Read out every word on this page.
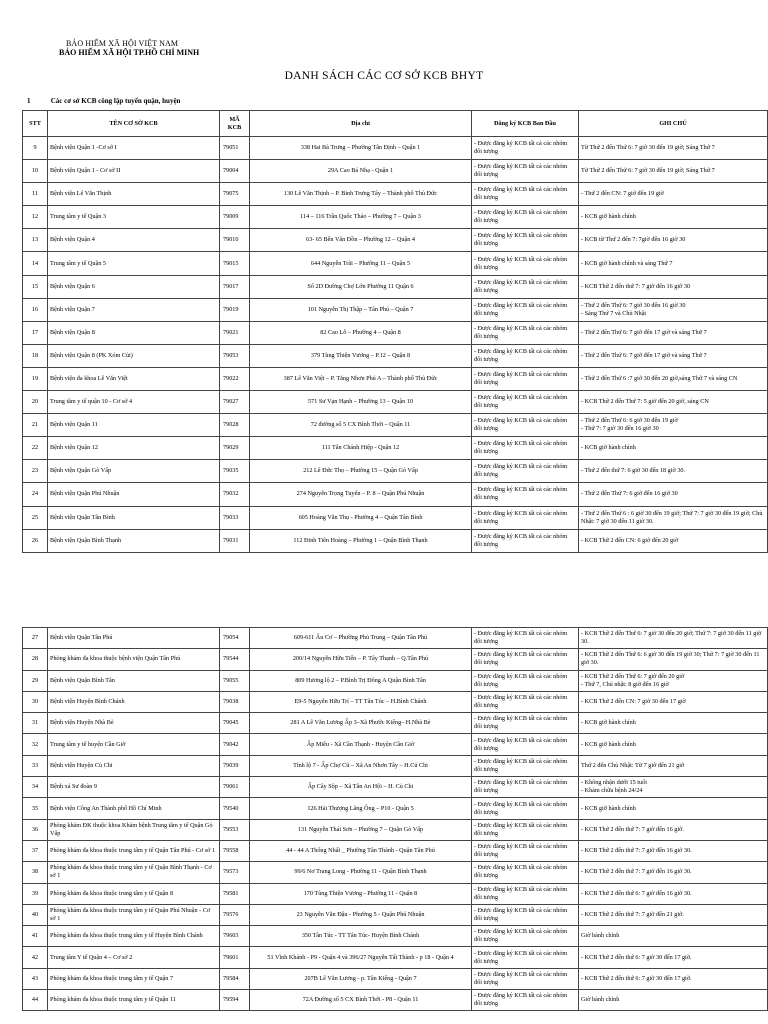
BẢO HIỂM XÃ HỘI VIỆT NAM
BẢO HIỂM XÃ HỘI TP.HỒ CHÍ MINH
DANH SÁCH CÁC CƠ SỞ KCB BHYT
1	Các cơ sở KCB công lập tuyến quận, huyện
STT	TÊN CƠ SỞ KCB	MÃ KCB	Địa chỉ	Đăng ký KCB Ban Đầu	GHI CHÚ
9	Bệnh viện Quận 1 -Cơ sở I	79051	338 Hai Bà Trưng – Phường Tân Định – Quận 1	- Được đăng ký KCB tất cả các nhóm đối tượng	Từ Thứ 2 đến Thứ 6: 7 giờ 30 đến 19 giờ; Sáng Thứ 7
10	Bệnh viện Quận 1 - Cơ sở II	79004	29A Cao Bá Nhạ - Quận 1	- Được đăng ký KCB tất cả các nhóm đối tượng	Từ Thứ 2 đến Thứ 6: 7 giờ 30 đến 19 giờ; Sáng Thứ 7
11	Bệnh viện Lê Văn Thịnh	79075	130 Lê Văn Thịnh – P. Bình Trưng Tây – Thành phố Thủ Đức	- Được đăng ký KCB tất cả các nhóm đối tượng	- Thứ 2 đến CN: 7 giờ đến 19 giờ
12	Trung tâm y tế Quận 3	79009	114 – 116 Trần Quốc Thảo – Phường 7 – Quận 3	- Được đăng ký KCB tất cả các nhóm đối tượng	- KCB giờ hành chính
13	Bệnh viện Quận 4	79010	63- 65 Bến Vân Đồn – Phường 12 – Quận 4	- Được đăng ký KCB tất cả các nhóm đối tượng	- KCB từ Thứ 2 đến 7: 7giờ đến 16 giờ 30
14	Trung tâm y tế Quận 5	79015	644 Nguyễn Trãi – Phường 11 – Quận 5	- Được đăng ký KCB tất cả các nhóm đối tượng	- KCB giờ hành chính và sáng Thứ 7
15	Bệnh viện Quận 6	79017	Số 2D Đường Chợ Lớn Phường 11 Quận 6	- Được đăng ký KCB tất cả các nhóm đối tượng	- KCB Thứ 2 đến thứ 7: 7 giờ đến 16 giờ 30
16	Bệnh viện Quận 7	79019	101 Nguyễn Thị Thập – Tân Phú – Quận 7	- Được đăng ký KCB tất cả các nhóm đối tượng	- Thứ 2 đến Thứ 6: 7 giờ 30 đến 16 giờ 30
- Sáng Thứ 7 và Chủ Nhật
17	Bệnh viện Quận 8	79021	82 Cao Lỗ – Phường 4 – Quận 8	- Được đăng ký KCB tất cả các nhóm đối tượng	- Thứ 2 đến Thứ 6: 7 giờ đến 17 giờ và sáng Thứ 7
18	Bệnh viện Quận 8 (PK Xóm Củi)	79053	379 Tùng Thiện Vương – P.12 – Quận 8	- Được đăng ký KCB tất cả các nhóm đối tượng	- Thứ 2 đến Thứ 6: 7 giờ đến 17 giờ và sáng Thứ 7
19	Bệnh viện đa khoa Lê Văn Việt	79022	387 Lê Văn Việt – P. Tăng Nhơn Phú A – Thành phố Thủ Đức	- Được đăng ký KCB tất cả các nhóm đối tượng	- Thứ 2 đến Thứ 6 :7 giờ 30 đến 20 giờ,sáng Thứ 7 và sáng CN
20	Trung tâm y tế quận 10 - Cơ sở 4	79027	571 Sư Vạn Hạnh – Phường 13 – Quận 10	- Được đăng ký KCB tất cả các nhóm đối tượng	- KCB Thứ 2 đến Thứ 7: 5 giờ đến 20 giờ, sáng CN
21	Bệnh viện Quận 11	79028	72 đường số 5 CX Bình Thới – Quận 11	- Được đăng ký KCB tất cả các nhóm đối tượng	- Thứ 2 đến Thứ 6: 6 giờ 30 đến 19 giờ
- Thứ 7: 7 giờ 30 đến 16 giờ 30
22	Bệnh viện Quận 12	79029	111 Tân Chánh Hiệp - Quận 12	- Được đăng ký KCB tất cả các nhóm đối tượng	- KCB giờ hành chính
23	Bệnh viện Quận Gò Vấp	79035	212 Lê Đức Thọ – Phường 15 – Quận Gò Vấp	- Được đăng ký KCB tất cả các nhóm đối tượng	- Thứ 2 đến thứ 7: 6 giờ 30 đến 18 giờ 30.
24	Bệnh viện Quận Phú Nhuận	79032	274 Nguyễn Trọng Tuyển – P. 8 – Quận Phú Nhuận	- Được đăng ký KCB tất cả các nhóm đối tượng	- Thứ 2 đến Thứ 7: 6 giờ đến 16 giờ 30
25	Bệnh viện Quận Tân Bình	79033	605 Hoàng Văn Thụ - Phường 4 – Quận Tân Bình	- Được đăng ký KCB tất cả các nhóm đối tượng	- Thứ 2 đến Thứ 6 : 6 giờ 30 đến 19 giờ; Thứ 7: 7 giờ 30 đến 19 giờ; Chủ Nhật: 7 giờ 30 đến 11 giờ 30.
26	Bệnh viện Quận Bình Thạnh	79031	112 Đinh Tiên Hoàng – Phường 1 – Quận Bình Thạnh	- Được đăng ký KCB tất cả các nhóm đối tượng	- KCB Thứ 2 đến CN: 6 giờ đến 20 giờ
27	Bệnh viện Quận Tân Phú	79054	609-611 Âu Cơ – Phường Phú Trung – Quận Tân Phú	- Được đăng ký KCB tất cả các nhóm đối tượng	- KCB Thứ 2 đến Thứ 6: 7 giờ 30 đến 20 giờ; Thứ 7: 7 giờ 30 đến 11 giờ 30.
28	Phòng khám đa khoa thuộc bệnh viện Quận Tân Phú	79544	200/14 Nguyễn Hữu Tiến – P. Tây Thạnh – Q.Tân Phú	- Được đăng ký KCB tất cả các nhóm đối tượng	- KCB Thứ 2 đến Thứ 6: 6 giờ 30 đến 19 giờ 30; Thứ 7: 7 giờ 30 đến 11 giờ 30.
29	Bệnh viện Quận Bình Tân	79055	809 Hương lộ 2 – P.Bình Trị Đông A Quận Bình Tân	- Được đăng ký KCB tất cả các nhóm đối tượng	- KCB Thứ 2 đến Thứ 6: 7 giờ đến 20 giờ
- Thứ 7, Chủ nhật: 8 giờ đến 16 giờ
30	Bệnh viện Huyện Bình Chánh	79038	E9-5 Nguyễn Hữu Trí – TT Tân Túc – H.Bình Chánh	- Được đăng ký KCB tất cả các nhóm đối tượng	- KCB Thứ 2 đến CN: 7 giờ 30 đến 17 giờ
31	Bệnh viện Huyện Nhà Bè	79045	281 A Lê Văn Lương Ấp 3–Xã Phước Kiểng– H.Nhà Bè	- Được đăng ký KCB tất cả các nhóm đối tượng	- KCB giờ hành chính
32	Trung tâm y tế huyện Cần Giờ	79042	Ấp Miễu - Xã Cần Thạnh - Huyện Cần Giờ	- Được đăng ký KCB tất cả các nhóm đối tượng	- KCB giờ hành chính
33	Bệnh viện Huyện Củ Chi	79039	Tỉnh lộ 7 - Ấp Chợ Cũ – Xã An Nhơn Tây – H.Củ Chi	- Được đăng ký KCB tất cả các nhóm đối tượng	Thứ 2 đến Chủ Nhật: Từ 7 giờ đến 21 giờ
34	Bệnh xá Sư đoàn 9	79061	Ấp Cây Sộp – Xã Tân An Hội – H. Củ Chi	- Được đăng ký KCB tất cả các nhóm đối tượng	- Không nhận dưới 15 tuổi
- Khám chữa bệnh 24/24
35	Bệnh viện Công An Thành phố Hồ Chí Minh	79540	126 Hải Thượng Lãng Ông – P10 - Quận 5	- Được đăng ký KCB tất cả các nhóm đối tượng	- KCB giờ hành chính
36	Phòng khám ĐK thuộc khoa Khám bệnh Trung tâm y tế Quận Gò Vấp	79553	131 Nguyễn Thái Sơn – Phường 7 – Quận Gò Vấp	- Được đăng ký KCB tất cả các nhóm đối tượng	- KCB Thứ 2 đến thứ 7: 7 giờ đến 16 giờ.
37	Phòng khám đa khoa thuộc trung tâm y tế Quận Tân Phú - Cơ sở 1	79558	44 - 44 A Thống Nhất _ Phường Tân Thành - Quận Tân Phú	- Được đăng ký KCB tất cả các nhóm đối tượng	- KCB Thứ 2 đến thứ 7: 7 giờ đến 16 giờ 30.
38	Phòng khám đa khoa thuộc trung tâm y tế Quận Bình Thạnh - Cơ sở 1	79573	99/6 Nơ Trang Long - Phường 11 - Quận Bình Thạnh	- Được đăng ký KCB tất cả các nhóm đối tượng	- KCB Thứ 2 đến thứ 7: 7 giờ đến 16 giờ 30.
39	Phòng khám đa khoa thuộc trung tâm y tế Quận 8	79581	170 Tùng Thiện Vương - Phường 11 - Quận 8	- Được đăng ký KCB tất cả các nhóm đối tượng	- KCB Thứ 2 đến thứ 6: 7 giờ đến 16 giờ 30.
40	Phòng khám đa khoa thuộc trung tâm y tế Quận Phú Nhuận - Cơ sở 1	79576	23 Nguyễn Văn Đậu - Phường 5 - Quận Phú Nhuận	- Được đăng ký KCB tất cả các nhóm đối tượng	- KCB Thứ 2 đến thứ 7: 7 giờ đến 21 giờ.
41	Phòng khám đa khoa thuộc trung tâm y tế Huyện Bình Chánh	79603	350 Tân Túc - TT Tân Túc- Huyện Bình Chánh	- Được đăng ký KCB tất cả các nhóm đối tượng	Giờ hành chính
42	Trung tâm Y tế Quận 4 – Cơ sở 2	79601	51 Vĩnh Khánh - P9 - Quận 4 và 396/27 Nguyễn Tất Thành - p 18 - Quận 4	- Được đăng ký KCB tất cả các nhóm đối tượng	- KCB Thứ 2 đến thứ 6: 7 giờ 30 đến 17 giờ.
43	Phòng khám đa khoa thuộc trung tâm y tế Quận 7	79584	207B Lê Văn Lương - p. Tân Kiểng - Quận 7	- Được đăng ký KCB tất cả các nhóm đối tượng	- KCB Thứ 2 đến thứ 6: 7 giờ 30 đến 17 giờ.
44	Phòng khám đa khoa thuộc trung tâm y tế Quận 11	79594	72A Đường số 5 CX Bình Thới - P8 - Quận 11	- Được đăng ký KCB tất cả các nhóm đối tượng	Giờ hành chính
